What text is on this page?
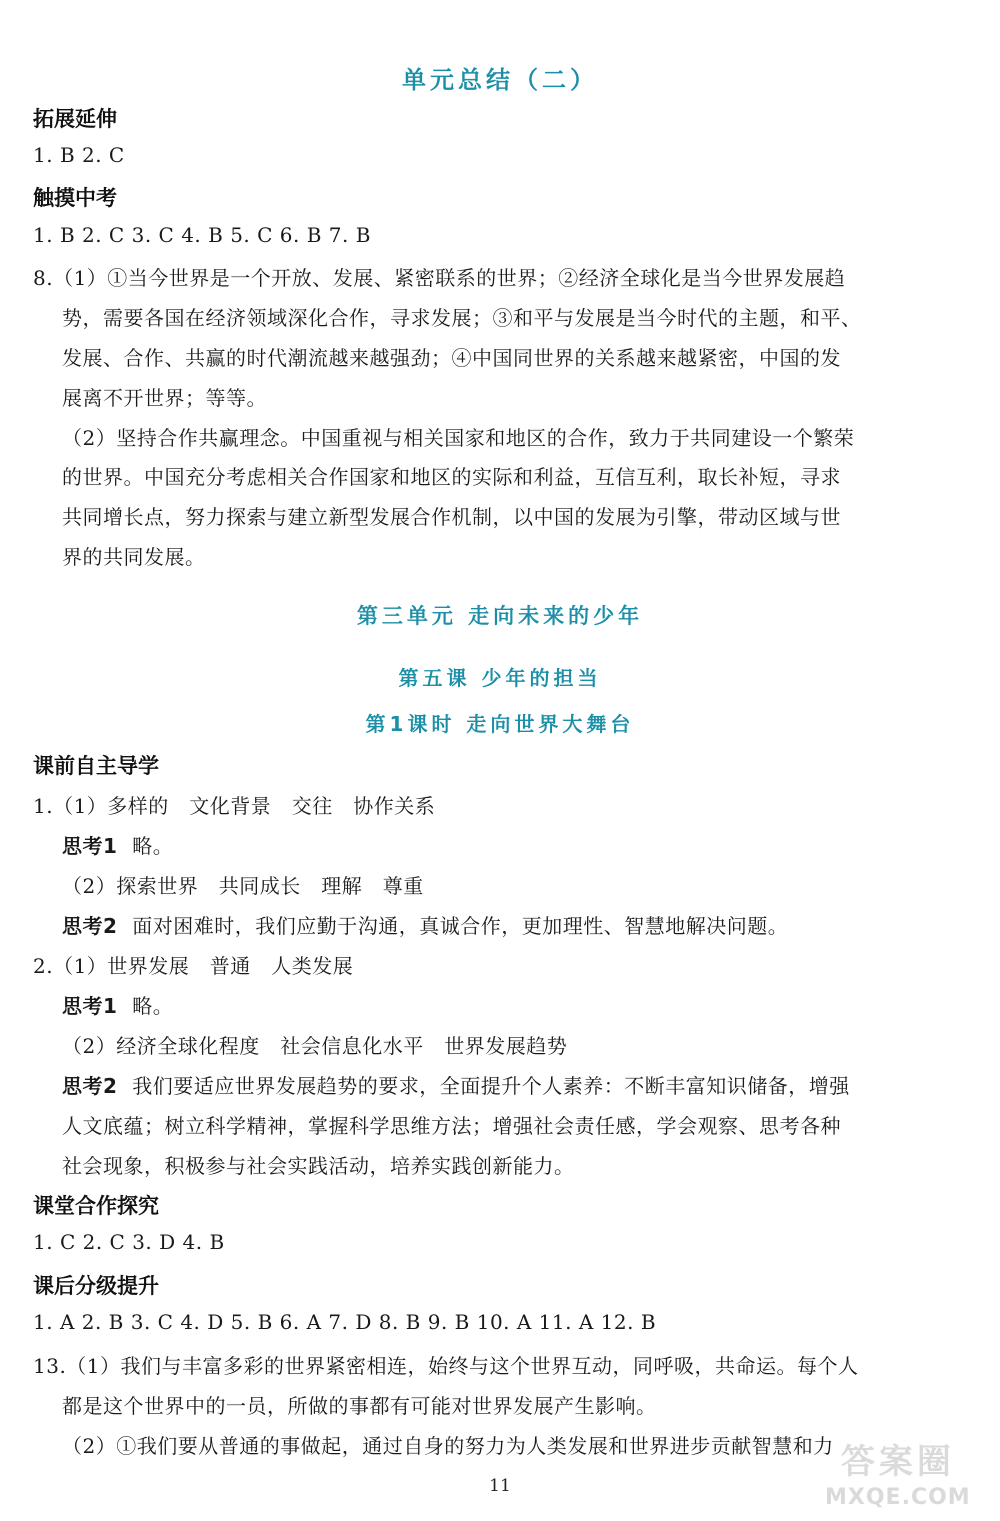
单元总结（二）
拓展延伸
1. B 2. C
触摸中考
1. B 2. C 3. C 4. B 5. C 6. B 7. B
8.（1）①当今世界是一个开放、发展、紧密联系的世界；②经济全球化是当今世界发展趋
势，需要各国在经济领域深化合作，寻求发展；③和平与发展是当今时代的主题，和平、
发展、合作、共赢的时代潮流越来越强劲；④中国同世界的关系越来越紧密，中国的发
展离不开世界；等等。
（2）坚持合作共赢理念。中国重视与相关国家和地区的合作，致力于共同建设一个繁荣
的世界。中国充分考虑相关合作国家和地区的实际和利益，互信互利，取长补短，寻求
共同增长点，努力探索与建立新型发展合作机制，以中国的发展为引擎，带动区域与世
界的共同发展。
第三单元 走向未来的少年
第五课 少年的担当
第1课时 走向世界大舞台
课前自主导学
1.（1）多样的　文化背景　交往　协作关系
思考1 略。
（2）探索世界　共同成长　理解　尊重
思考2 面对困难时，我们应勤于沟通，真诚合作，更加理性、智慧地解决问题。
2.（1）世界发展　普通　人类发展
思考1 略。
（2）经济全球化程度　社会信息化水平　世界发展趋势
思考2 我们要适应世界发展趋势的要求，全面提升个人素养：不断丰富知识储备，增强
人文底蕴；树立科学精神，掌握科学思维方法；增强社会责任感，学会观察、思考各种
社会现象，积极参与社会实践活动，培养实践创新能力。
课堂合作探究
1. C 2. C 3. D 4. B
课后分级提升
1. A 2. B 3. C 4. D 5. B 6. A 7. D 8. B 9. B 10. A 11. A 12. B
13.（1）我们与丰富多彩的世界紧密相连，始终与这个世界互动，同呼吸，共命运。每个人
都是这个世界中的一员，所做的事都有可能对世界发展产生影响。
（2）①我们要从普通的事做起，通过自身的努力为人类发展和世界进步贡献智慧和力
11
答案圈
MXQE.COM
